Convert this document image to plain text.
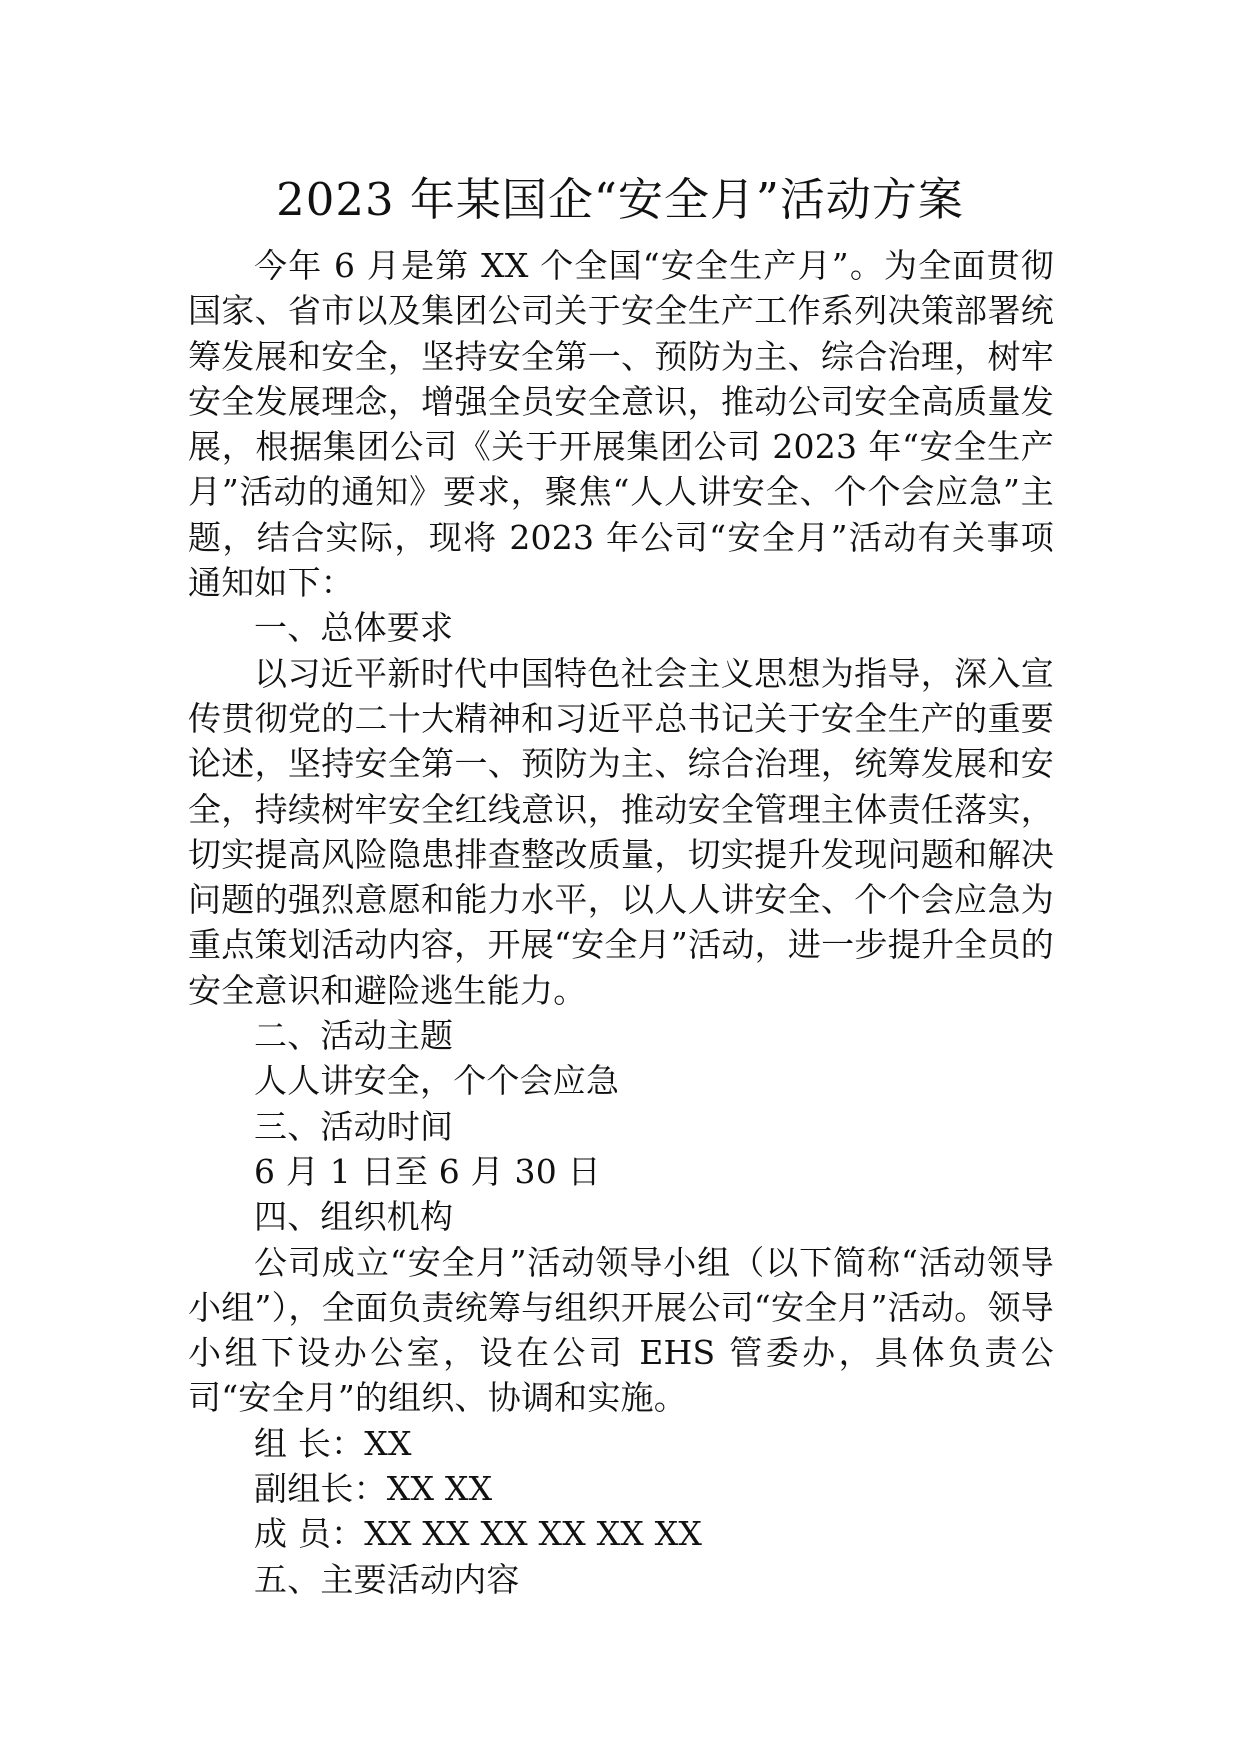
2023 年某国企“安全月”活动方案

今年 6 月是第 XX 个全国“安全生产月”。为全面贯彻国家、省市以及集团公司关于安全生产工作系列决策部署统筹发展和安全，坚持安全第一、预防为主、综合治理，树牢安全发展理念，增强全员安全意识，推动公司安全高质量发展，根据集团公司《关于开展集团公司 2023 年“安全生产月”活动的通知》要求，聚焦“人人讲安全、个个会应急”主题，结合实际，现将 2023 年公司“安全月”活动有关事项通知如下：

一、总体要求

以习近平新时代中国特色社会主义思想为指导，深入宣传贯彻党的二十大精神和习近平总书记关于安全生产的重要论述，坚持安全第一、预防为主、综合治理，统筹发展和安全，持续树牢安全红线意识，推动安全管理主体责任落实，切实提高风险隐患排查整改质量，切实提升发现问题和解决问题的强烈意愿和能力水平，以人人讲安全、个个会应急为重点策划活动内容，开展“安全月”活动，进一步提升全员的安全意识和避险逃生能力。

二、活动主题

人人讲安全，个个会应急

三、活动时间

6 月 1 日至 6 月 30 日

四、组织机构

公司成立“安全月”活动领导小组（以下简称“活动领导小组”），全面负责统筹与组织开展公司“安全月”活动。领导小组下设办公室，设在公司 EHS 管委办，具体负责公司“安全月”的组织、协调和实施。

组 长：XX

副组长：XX XX

成 员：XX XX XX XX XX XX

五、主要活动内容
